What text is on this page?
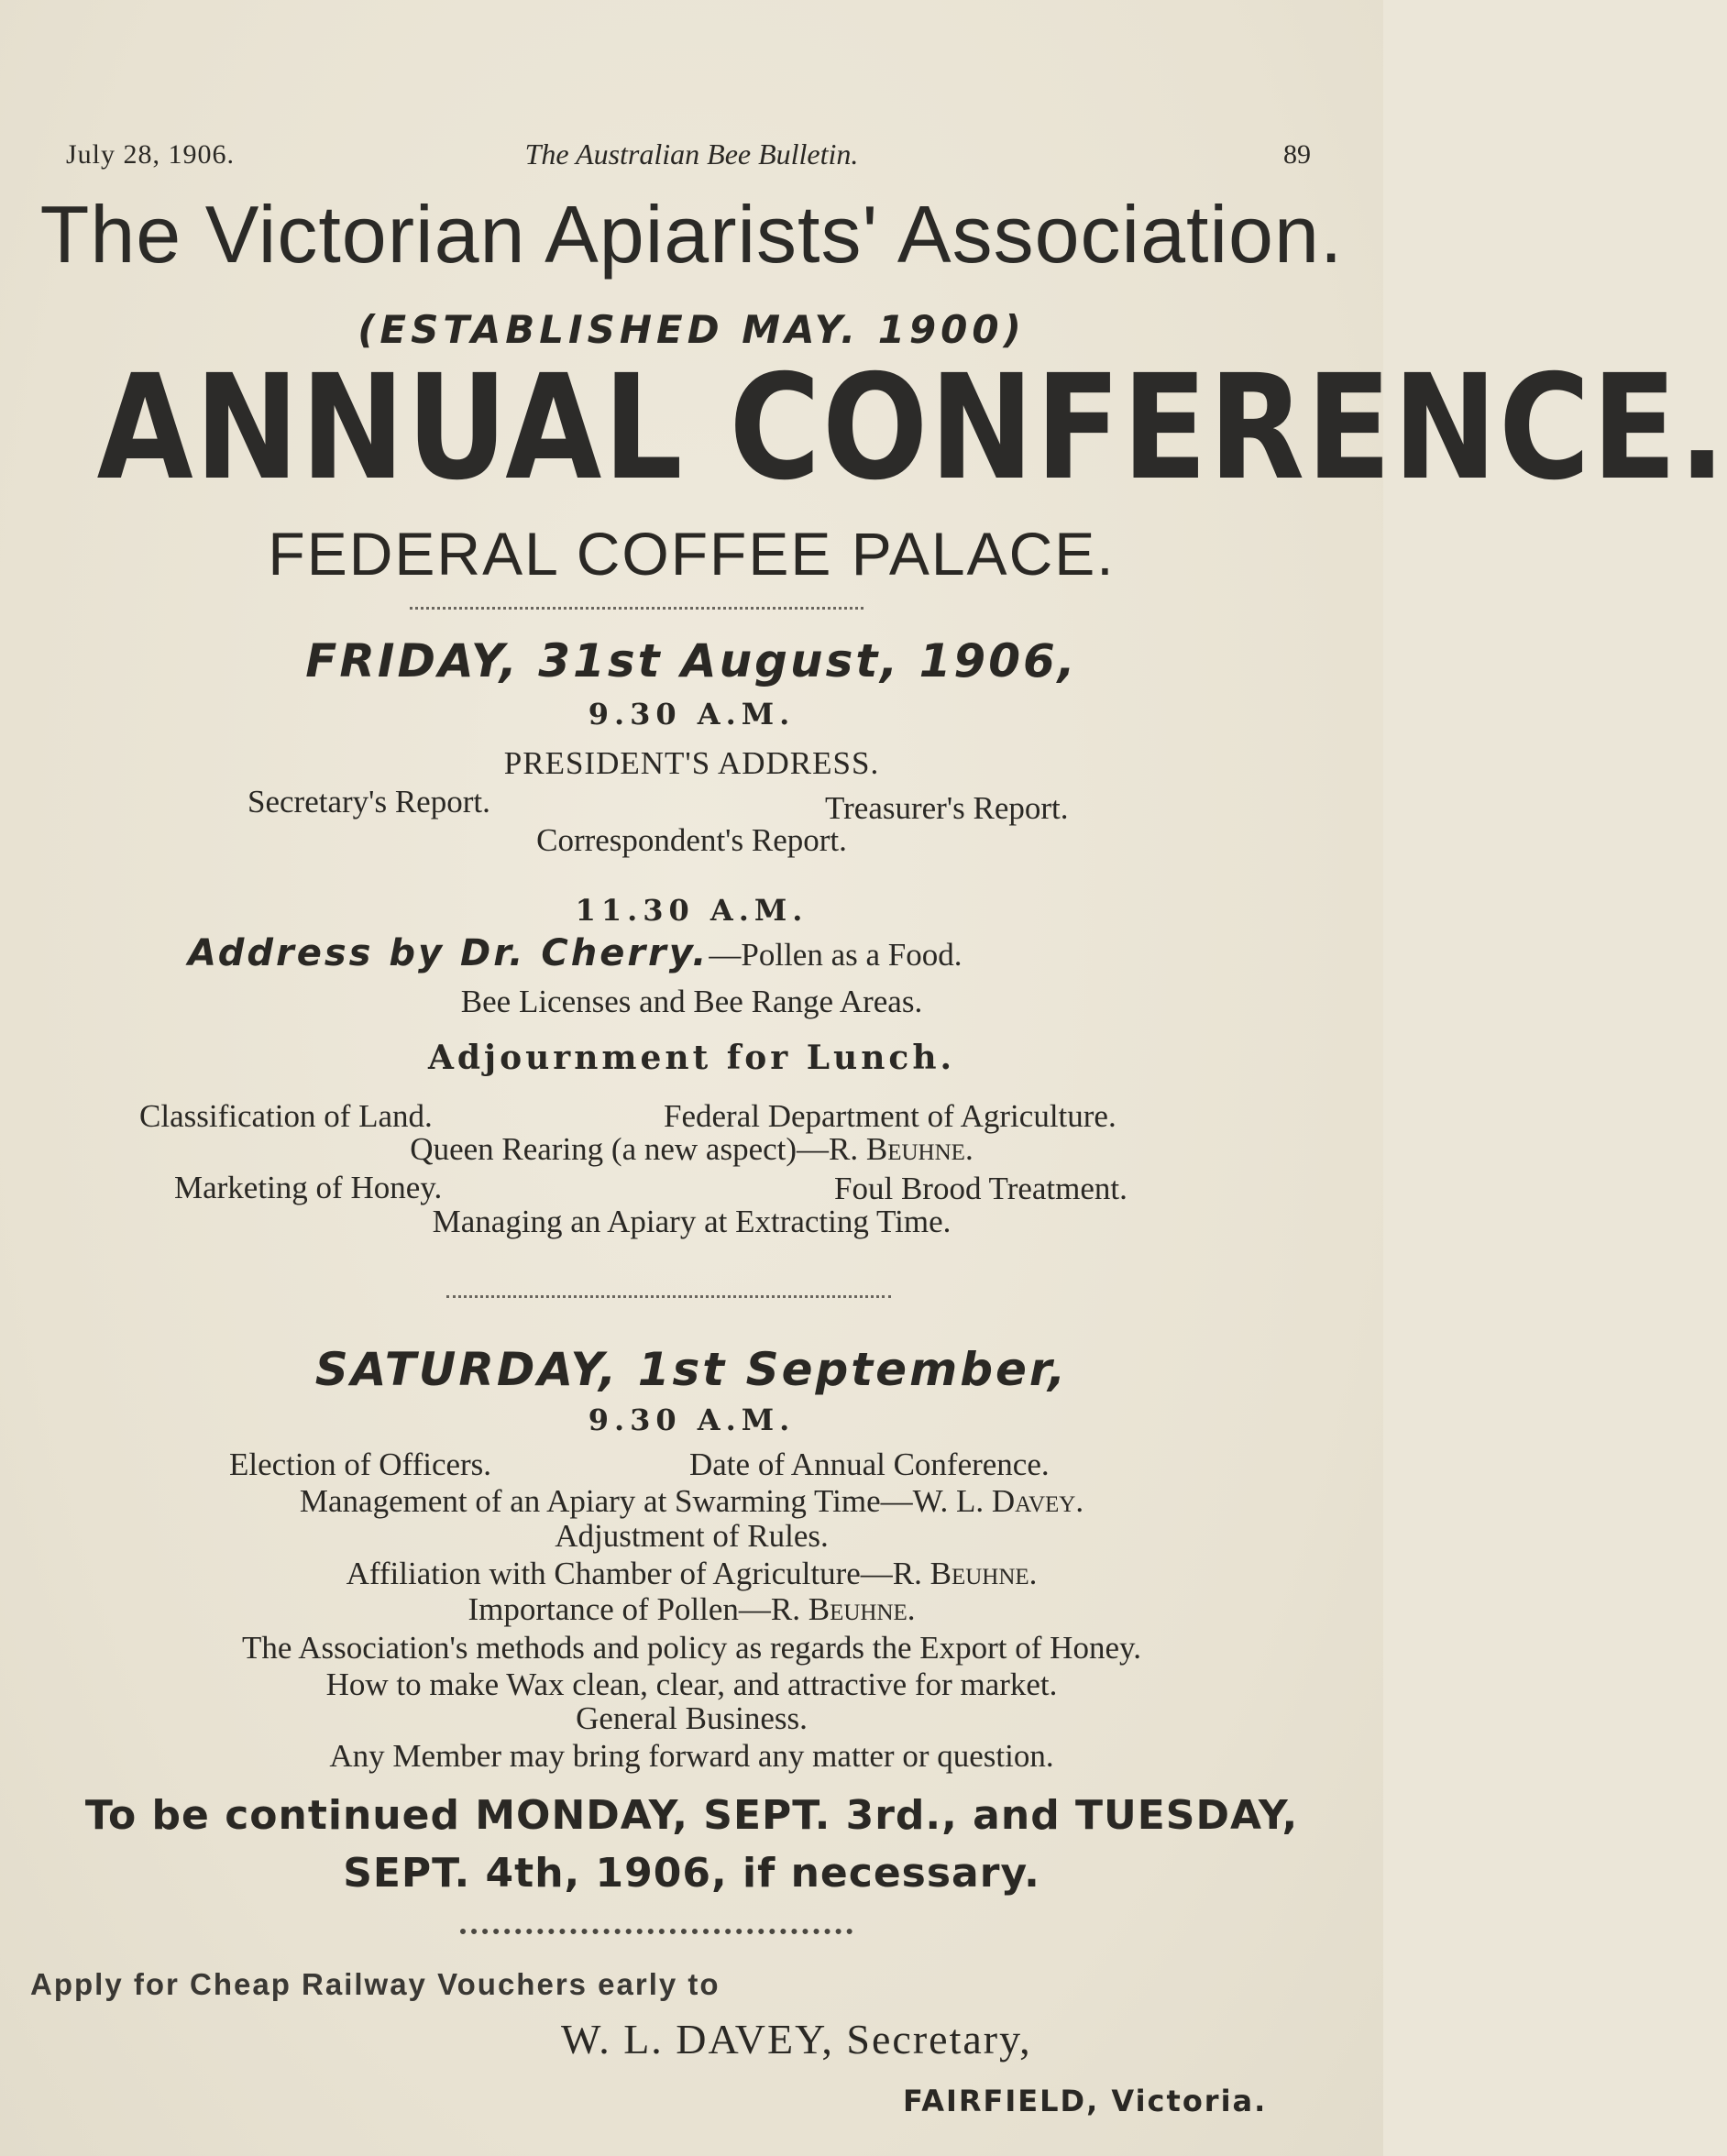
July 28, 1906.	The Australian Bee Bulletin.	89
The Victorian Apiarists' Association.
(ESTABLISHED MAY. 1900)
ANNUAL CONFERENCE.
FEDERAL COFFEE PALACE.
FRIDAY, 31st August, 1906,
9.30 A.M.
PRESIDENT'S ADDRESS.
Secretary's Report.	Treasurer's Report.
Correspondent's Report.
11.30 A.M.
Address by Dr. Cherry.—Pollen as a Food.
Bee Licenses and Bee Range Areas.
Adjournment for Lunch.
Classification of Land.	Federal Department of Agriculture.
Queen Rearing (a new aspect)—R. Beuhne.
Marketing of Honey.	Foul Brood Treatment.
Managing an Apiary at Extracting Time.
SATURDAY, 1st September,
9.30 A.M.
Election of Officers.	Date of Annual Conference.
Management of an Apiary at Swarming Time—W. L. Davey.
Adjustment of Rules.
Affiliation with Chamber of Agriculture—R. Beuhne.
Importance of Pollen—R. Beuhne.
The Association's methods and policy as regards the Export of Honey.
How to make Wax clean, clear, and attractive for market.
General Business.
Any Member may bring forward any matter or question.
To be continued MONDAY, SEPT. 3rd., and TUESDAY,
SEPT. 4th, 1906, if necessary.
Apply for Cheap Railway Vouchers early to
W. L. DAVEY, Secretary,
FAIRFIELD, Victoria.
